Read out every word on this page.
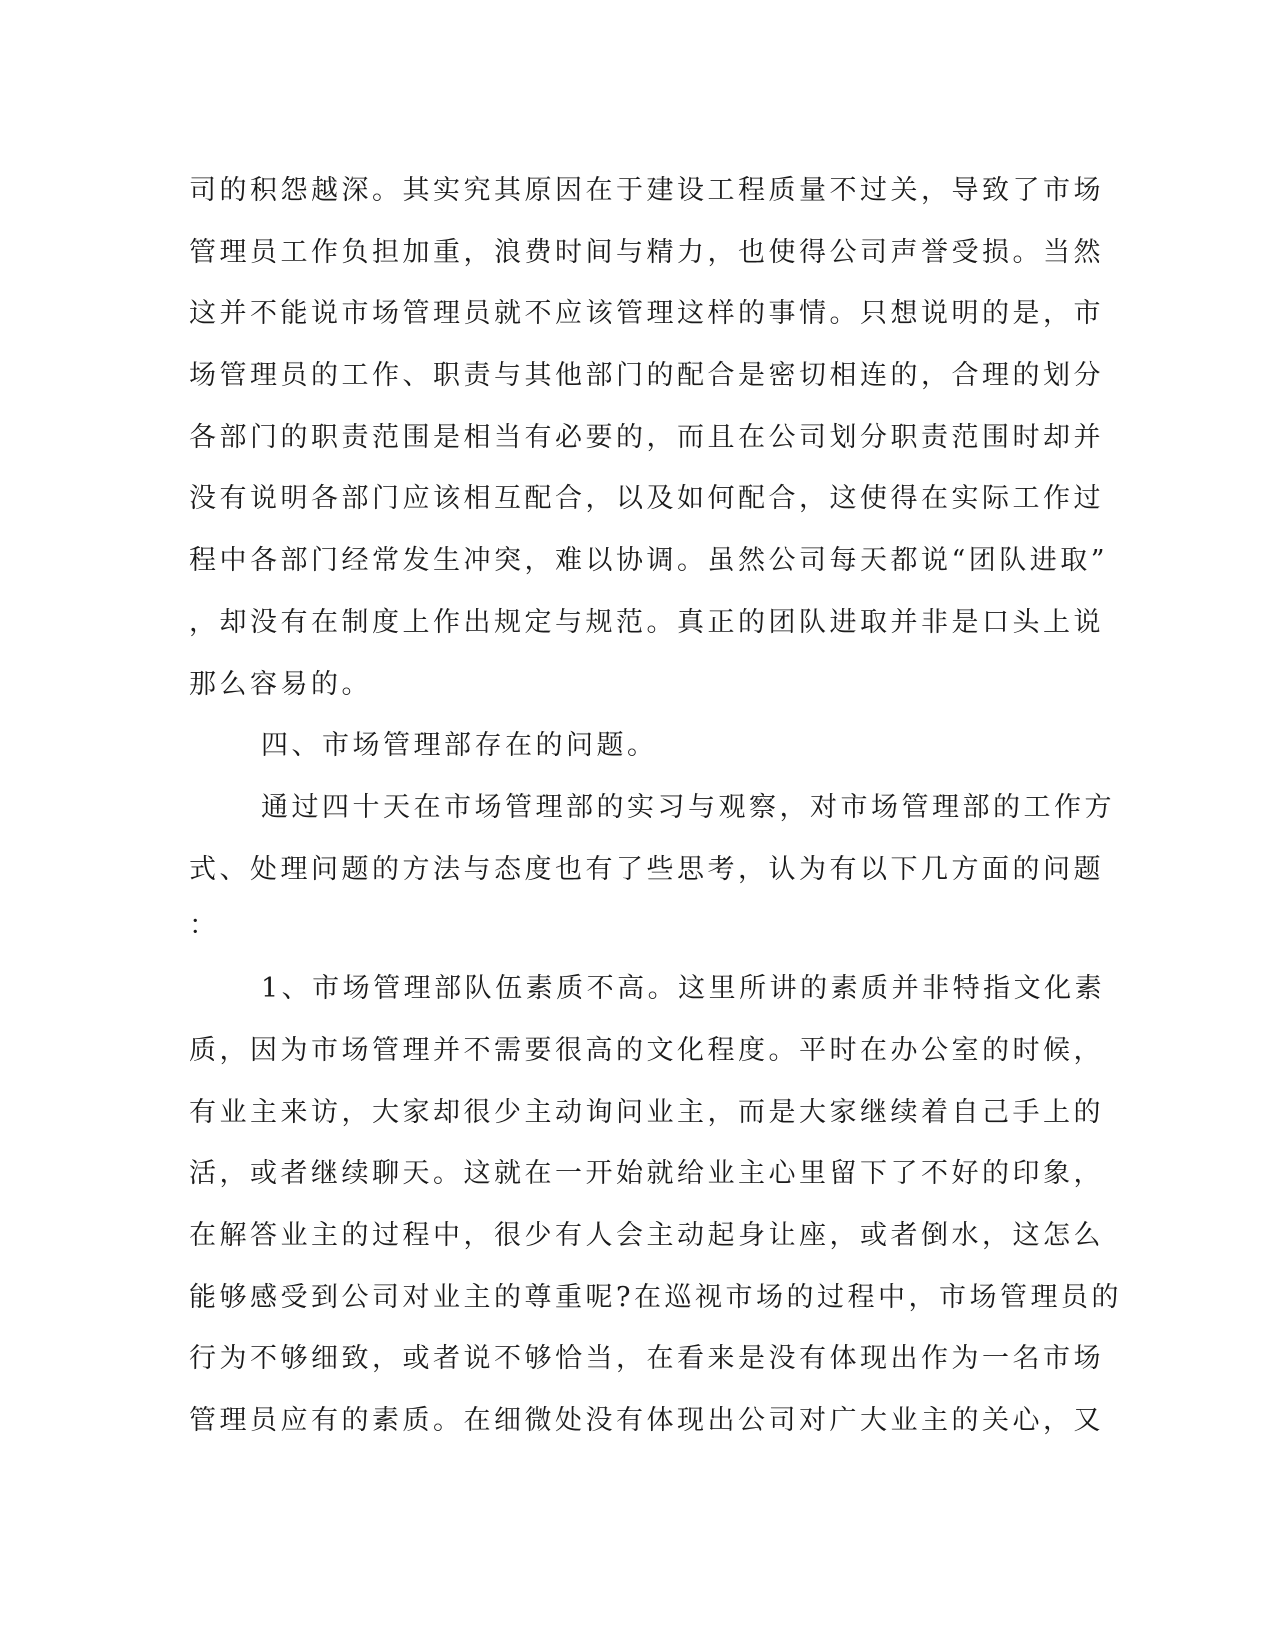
司的积怨越深。其实究其原因在于建设工程质量不过关，导致了市场
管理员工作负担加重，浪费时间与精力，也使得公司声誉受损。当然
这并不能说市场管理员就不应该管理这样的事情。只想说明的是，市
场管理员的工作、职责与其他部门的配合是密切相连的，合理的划分
各部门的职责范围是相当有必要的，而且在公司划分职责范围时却并
没有说明各部门应该相互配合，以及如何配合，这使得在实际工作过
程中各部门经常发生冲突，难以协调。虽然公司每天都说“团队进取”
，却没有在制度上作出规定与规范。真正的团队进取并非是口头上说
那么容易的。
四、市场管理部存在的问题。
通过四十天在市场管理部的实习与观察，对市场管理部的工作方
式、处理问题的方法与态度也有了些思考，认为有以下几方面的问题
：
1、市场管理部队伍素质不高。这里所讲的素质并非特指文化素
质，因为市场管理并不需要很高的文化程度。平时在办公室的时候，
有业主来访，大家却很少主动询问业主，而是大家继续着自己手上的
活，或者继续聊天。这就在一开始就给业主心里留下了不好的印象，
在解答业主的过程中，很少有人会主动起身让座，或者倒水，这怎么
能够感受到公司对业主的尊重呢?在巡视市场的过程中，市场管理员的
行为不够细致，或者说不够恰当，在看来是没有体现出作为一名市场
管理员应有的素质。在细微处没有体现出公司对广大业主的关心，又
